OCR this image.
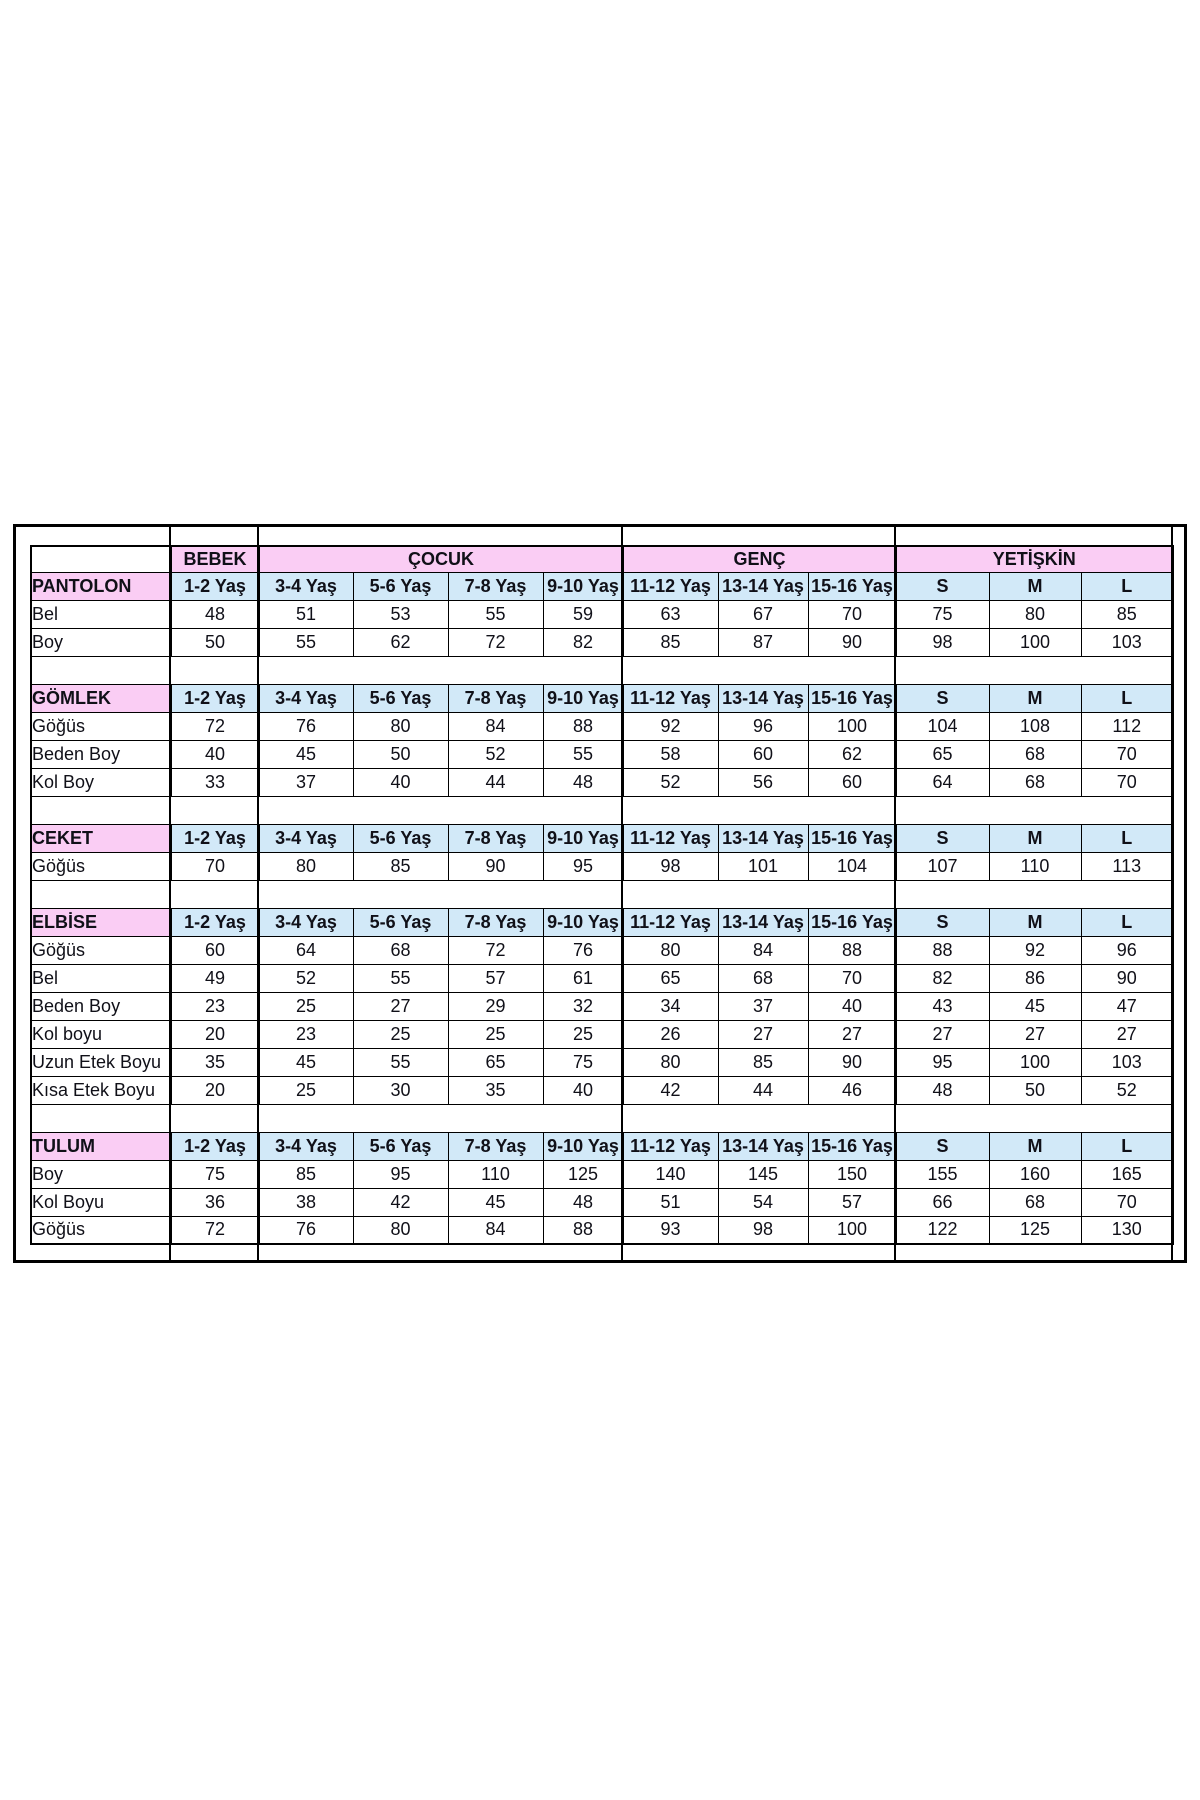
	BEBEK	ÇOCUK				GENÇ			YETİŞKİN		
PANTOLON	1-2 Yaş	3-4 Yaş	5-6 Yaş	7-8 Yaş	9-10 Yaş	11-12 Yaş	13-14 Yaş	15-16 Yaş	S	M	L
Bel	48	51	53	55	59	63	67	70	75	80	85
Boy	50	55	62	72	82	85	87	90	98	100	103

GÖMLEK	1-2 Yaş	3-4 Yaş	5-6 Yaş	7-8 Yaş	9-10 Yaş	11-12 Yaş	13-14 Yaş	15-16 Yaş	S	M	L
Göğüs	72	76	80	84	88	92	96	100	104	108	112
Beden Boy	40	45	50	52	55	58	60	62	65	68	70
Kol Boy	33	37	40	44	48	52	56	60	64	68	70

CEKET	1-2 Yaş	3-4 Yaş	5-6 Yaş	7-8 Yaş	9-10 Yaş	11-12 Yaş	13-14 Yaş	15-16 Yaş	S	M	L
Göğüs	70	80	85	90	95	98	101	104	107	110	113

ELBİSE	1-2 Yaş	3-4 Yaş	5-6 Yaş	7-8 Yaş	9-10 Yaş	11-12 Yaş	13-14 Yaş	15-16 Yaş	S	M	L
Göğüs	60	64	68	72	76	80	84	88	88	92	96
Bel	49	52	55	57	61	65	68	70	82	86	90
Beden Boy	23	25	27	29	32	34	37	40	43	45	47
Kol boyu	20	23	25	25	25	26	27	27	27	27	27
Uzun Etek Boyu	35	45	55	65	75	80	85	90	95	100	103
Kısa Etek Boyu	20	25	30	35	40	42	44	46	48	50	52

TULUM	1-2 Yaş	3-4 Yaş	5-6 Yaş	7-8 Yaş	9-10 Yaş	11-12 Yaş	13-14 Yaş	15-16 Yaş	S	M	L
Boy	75	85	95	110	125	140	145	150	155	160	165
Kol Boyu	36	38	42	45	48	51	54	57	66	68	70
Göğüs	72	76	80	84	88	93	98	100	122	125	130
